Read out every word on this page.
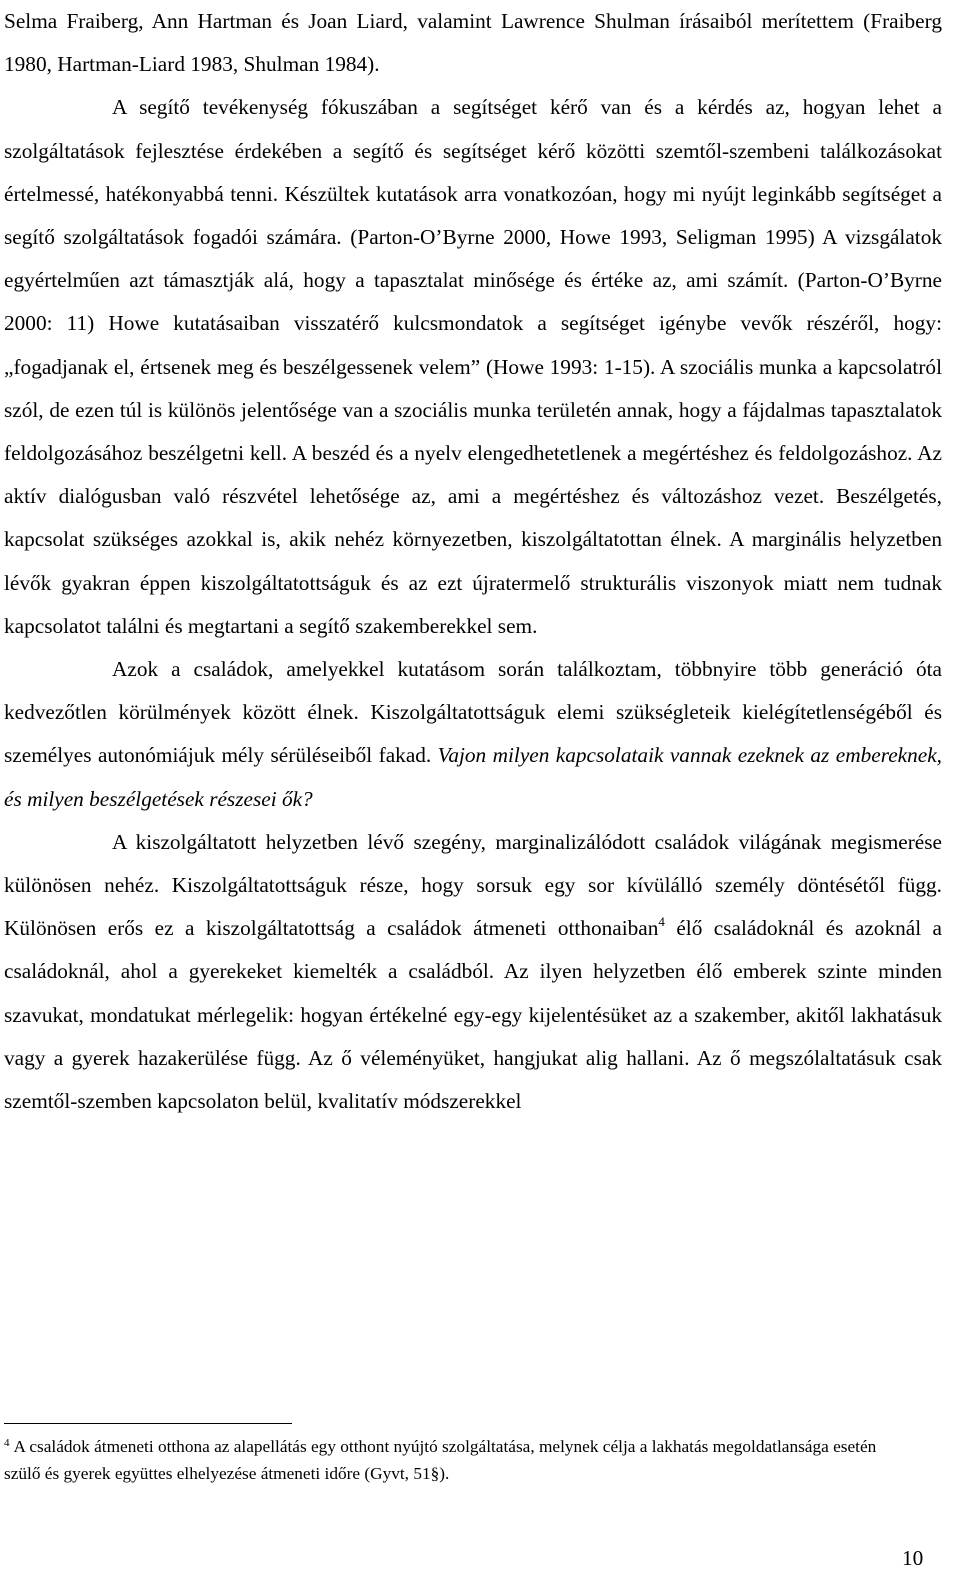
Selma Fraiberg, Ann Hartman és Joan Liard, valamint Lawrence Shulman írásaiból merítettem (Fraiberg 1980, Hartman-Liard 1983, Shulman 1984).

A segítő tevékenység fókuszában a segítséget kérő van és a kérdés az, hogyan lehet a szolgáltatások fejlesztése érdekében a segítő és segítséget kérő közötti szemtől-szembeni találkozásokat értelmessé, hatékonyabbá tenni. Készültek kutatások arra vonatkozóan, hogy mi nyújt leginkább segítséget a segítő szolgáltatások fogadói számára. (Parton-O’Byrne 2000, Howe 1993, Seligman 1995) A vizsgálatok egyértelműen azt támasztják alá, hogy a tapasztalat minősége és értéke az, ami számít. (Parton-O’Byrne 2000: 11) Howe kutatásaiban visszatérő kulcsmondatok a segítséget igénybe vevők részéről, hogy: „fogadjanak el, értsenek meg és beszélgessenek velem” (Howe 1993: 1-15). A szociális munka a kapcsolatról szól, de ezen túl is különös jelentősége van a szociális munka területén annak, hogy a fájdalmas tapasztalatok feldolgozásához beszélgetni kell. A beszéd és a nyelv elengedhetetlenek a megértéshez és feldolgozáshoz. Az aktív dialógusban való részvétel lehetősége az, ami a megértéshez és változáshoz vezet. Beszélgetés, kapcsolat szükséges azokkal is, akik nehéz környezetben, kiszolgáltatottan élnek. A marginális helyzetben lévők gyakran éppen kiszolgáltatottságuk és az ezt újratermelő strukturális viszonyok miatt nem tudnak kapcsolatot találni és megtartani a segítő szakemberekkel sem.

Azok a családok, amelyekkel kutatásom során találkoztam, többnyire több generáció óta kedvezőtlen körülmények között élnek. Kiszolgáltatottságuk elemi szükségleteik kielégítetlenségéből és személyes autonómiájuk mély sérüléseiből fakad. Vajon milyen kapcsolataik vannak ezeknek az embereknek, és milyen beszélgetések részesei ők?

A kiszolgáltatott helyzetben lévő szegény, marginalizálódott családok világának megismerése különösen nehéz. Kiszolgáltatottságuk része, hogy sorsuk egy sor kívülálló személy döntésétől függ. Különösen erős ez a kiszolgáltatottság a családok átmeneti otthonaiban$^4$ élő családoknál és azoknál a családoknál, ahol a gyerekeket kiemelték a családból. Az ilyen helyzetben élő emberek szinte minden szavukat, mondatukat mérlegelik: hogyan értékelné egy-egy kijelentésüket az a szakember, akitől lakhatásuk vagy a gyerek hazakerülése függ. Az ő véleményüket, hangjukat alig hallani. Az ő megszólaltatásuk csak szemtől-szemben kapcsolaton belül, kvalitatív módszerekkel

$^4$ A családok átmeneti otthona az alapellátás egy otthont nyújtó szolgáltatása, melynek célja a lakhatás megoldatlansága esetén szülő és gyerek együttes elhelyezése átmeneti időre (Gyvt, 51§).

10
